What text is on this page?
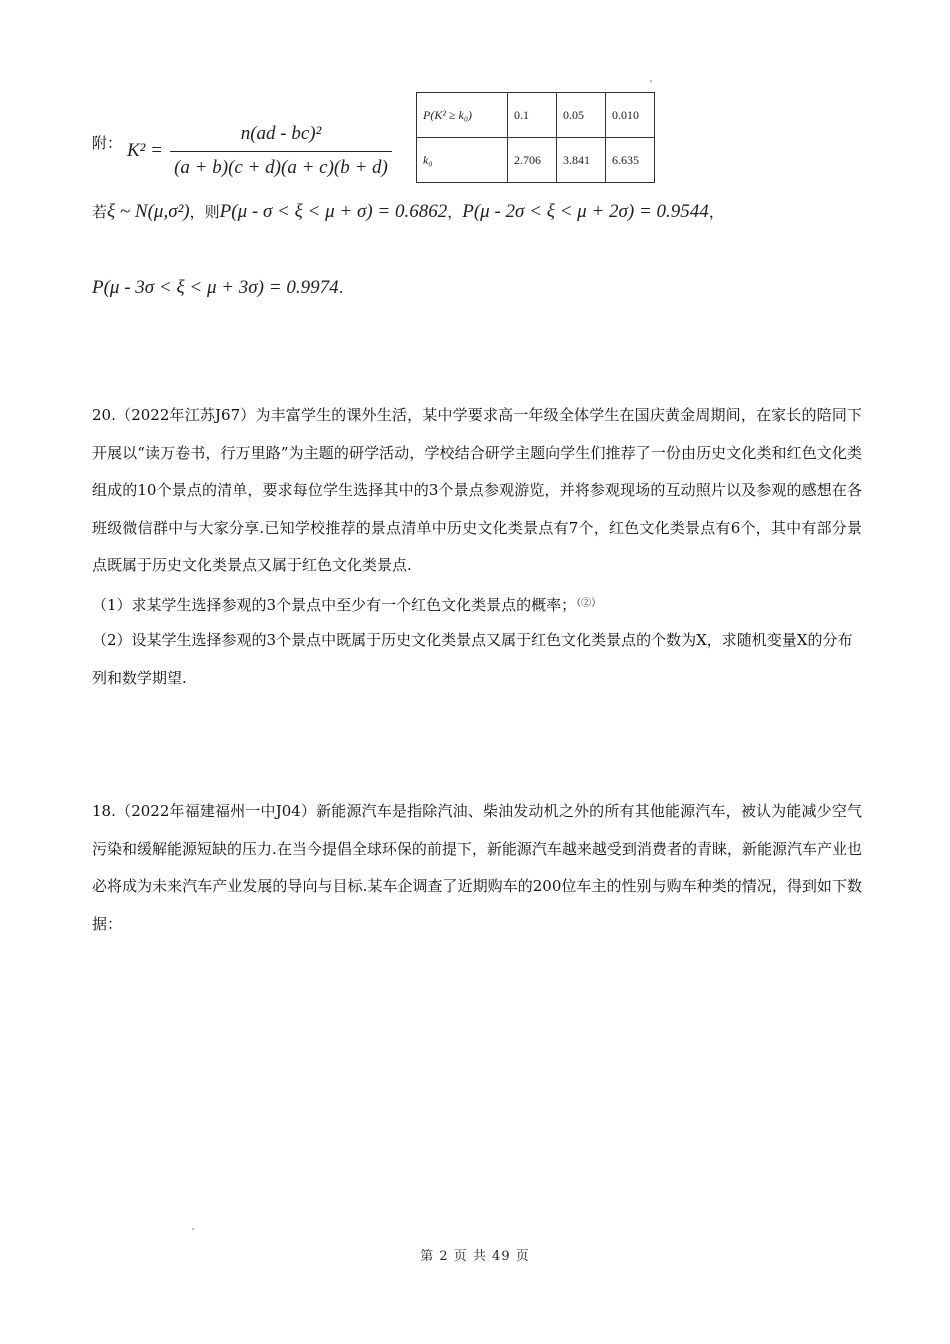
附： K² =
n(ad - bc)²
(a + b)(c + d)(a + c)(b + d)
P(K² ≥ k₀)	0.1	0.05	0.010
k₀	2.706	3.841	6.635
若ξ ~ N(μ,σ²)，则P(μ - σ < ξ < μ + σ) = 0.6862，P(μ - 2σ < ξ < μ + 2σ) = 0.9544，
P(μ - 3σ < ξ < μ + 3σ) = 0.9974.
20.（2022年江苏J67）为丰富学生的课外生活，某中学要求高一年级全体学生在国庆黄金周期间，在家长的陪同下开展以“读万卷书，行万里路”为主题的研学活动，学校结合研学主题向学生们推荐了一份由历史文化类和红色文化类组成的10个景点的清单，要求每位学生选择其中的3个景点参观游览，并将参观现场的互动照片以及参观的感想在各班级微信群中与大家分享.已知学校推荐的景点清单中历史文化类景点有7个，红色文化类景点有6个，其中有部分景点既属于历史文化类景点又属于红色文化类景点.
（1）求某学生选择参观的3个景点中至少有一个红色文化类景点的概率；（②）
（2）设某学生选择参观的3个景点中既属于历史文化类景点又属于红色文化类景点的个数为X，求随机变量X的分布列和数学期望.
18.（2022年福建福州一中J04）新能源汽车是指除汽油、柴油发动机之外的所有其他能源汽车，被认为能减少空气污染和缓解能源短缺的压力.在当今提倡全球环保的前提下，新能源汽车越来越受到消费者的青睐，新能源汽车产业也必将成为未来汽车产业发展的导向与目标.某车企调查了近期购车的200位车主的性别与购车种类的情况，得到如下数据：
第 2 页 共 49 页
